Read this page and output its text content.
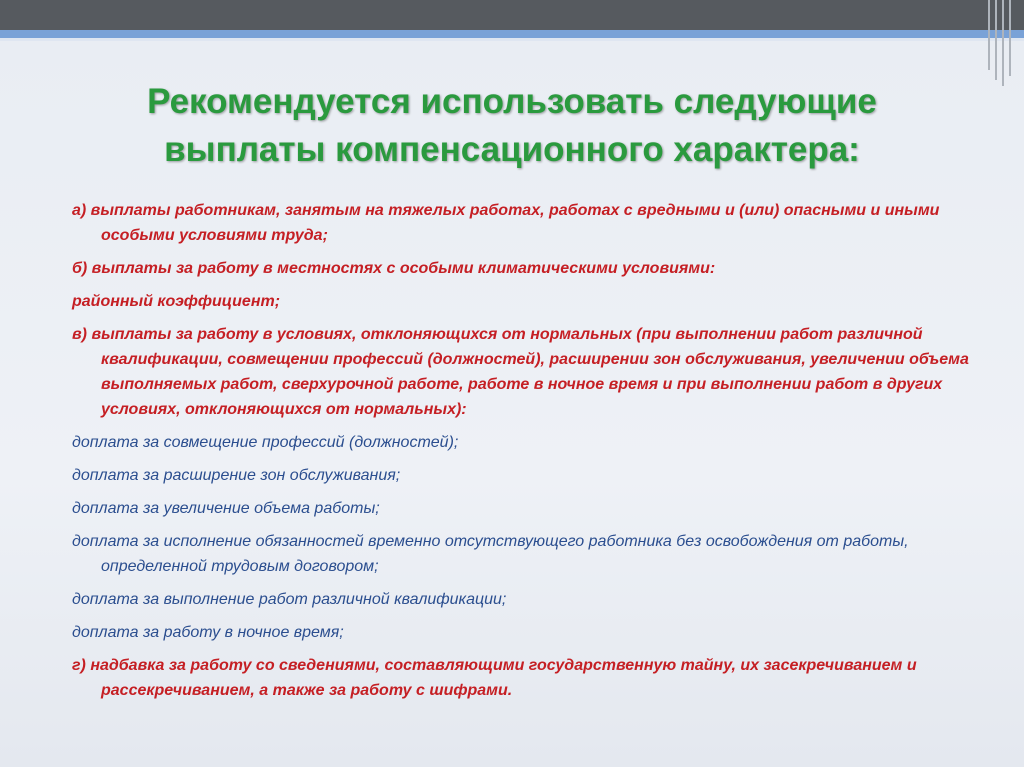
Рекомендуется использовать следующие
выплаты компенсационного характера:
а) выплаты работникам, занятым на тяжелых работах, работах с вредными и (или) опасными и иными особыми условиями труда;
б) выплаты за работу в местностях с особыми климатическими условиями:
районный коэффициент;
в) выплаты за работу в условиях, отклоняющихся от нормальных (при выполнении работ различной квалификации, совмещении профессий (должностей), расширении зон обслуживания, увеличении объема выполняемых работ, сверхурочной работе, работе в ночное время и при выполнении работ в других условиях, отклоняющихся от нормальных):
доплата за совмещение профессий (должностей);
доплата за расширение зон обслуживания;
доплата за увеличение объема работы;
доплата за исполнение обязанностей временно отсутствующего работника без освобождения от работы, определенной трудовым договором;
доплата за выполнение работ различной квалификации;
доплата за работу в ночное время;
г) надбавка за работу со сведениями, составляющими государственную тайну, их засекречиванием и рассекречиванием, а также за работу с шифрами.
